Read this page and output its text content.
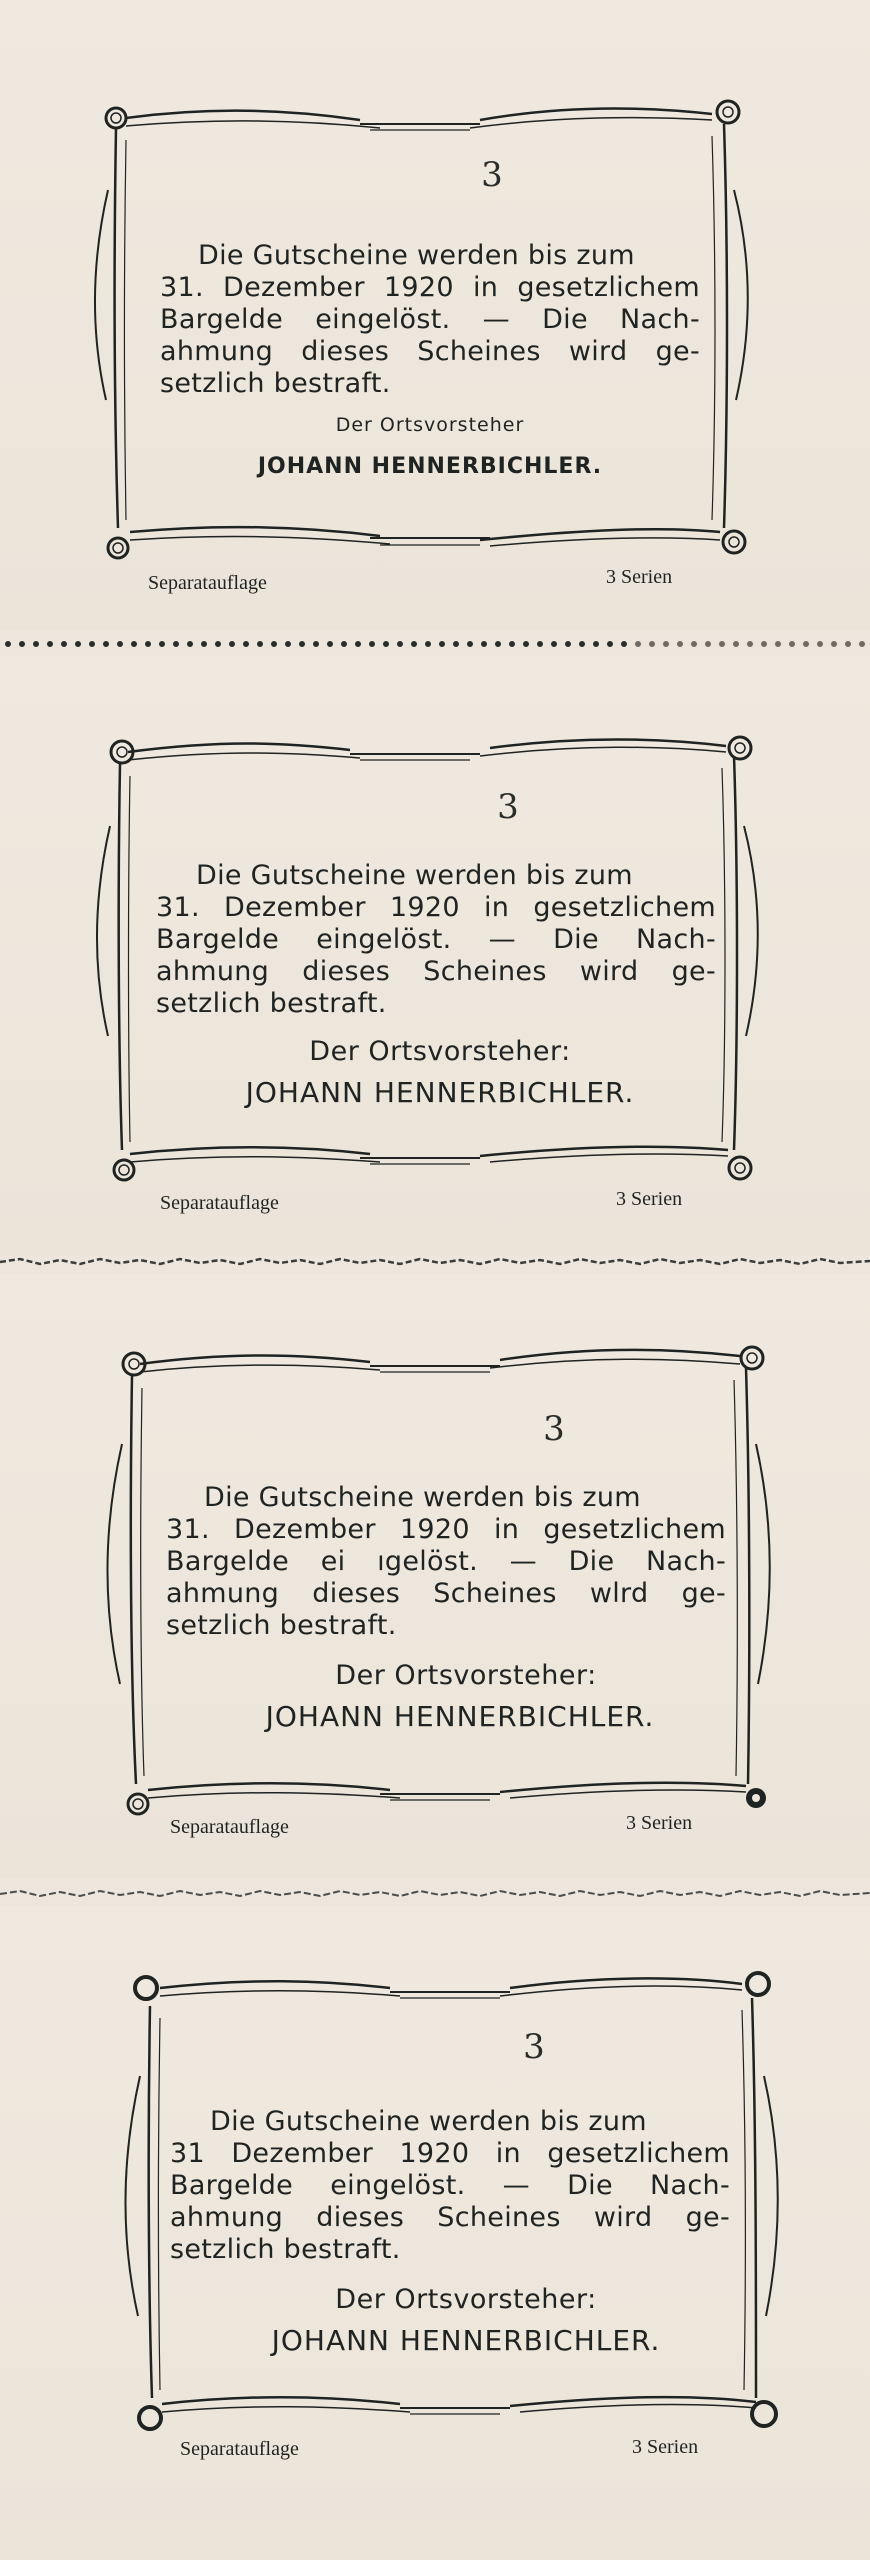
3
Die Gutscheine werden bis zum
31. Dezember 1920 in gesetzlichem
Bargelde eingelöst. — Die Nach-
ahmung dieses Scheines wird ge-
setzlich bestraft.
Der Ortsvorsteher
JOHANN HENNERBICHLER.
Separatauflage	3 Serien
3
Die Gutscheine werden bis zum
31. Dezember 1920 in gesetzlichem
Bargelde eingelöst. — Die Nach-
ahmung dieses Scheines wird ge-
setzlich bestraft.
Der Ortsvorsteher:
JOHANN HENNERBICHLER.
Separatauflage	3 Serien
3
Die Gutscheine werden bis zum
31. Dezember 1920 in gesetzlichem
Bargelde ei ıgelöst. — Die Nach-
ahmung dieses Scheines wlrd ge-
setzlich bestraft.
Der Ortsvorsteher:
JOHANN HENNERBICHLER.
Separatauflage	3 Serien
3
Die Gutscheine werden bis zum
31 Dezember 1920 in gesetzlichem
Bargelde eingelöst. — Die Nach-
ahmung dieses Scheines wird ge-
setzlich bestraft.
Der Ortsvorsteher:
JOHANN HENNERBICHLER.
Separatauflage	3 Serien
